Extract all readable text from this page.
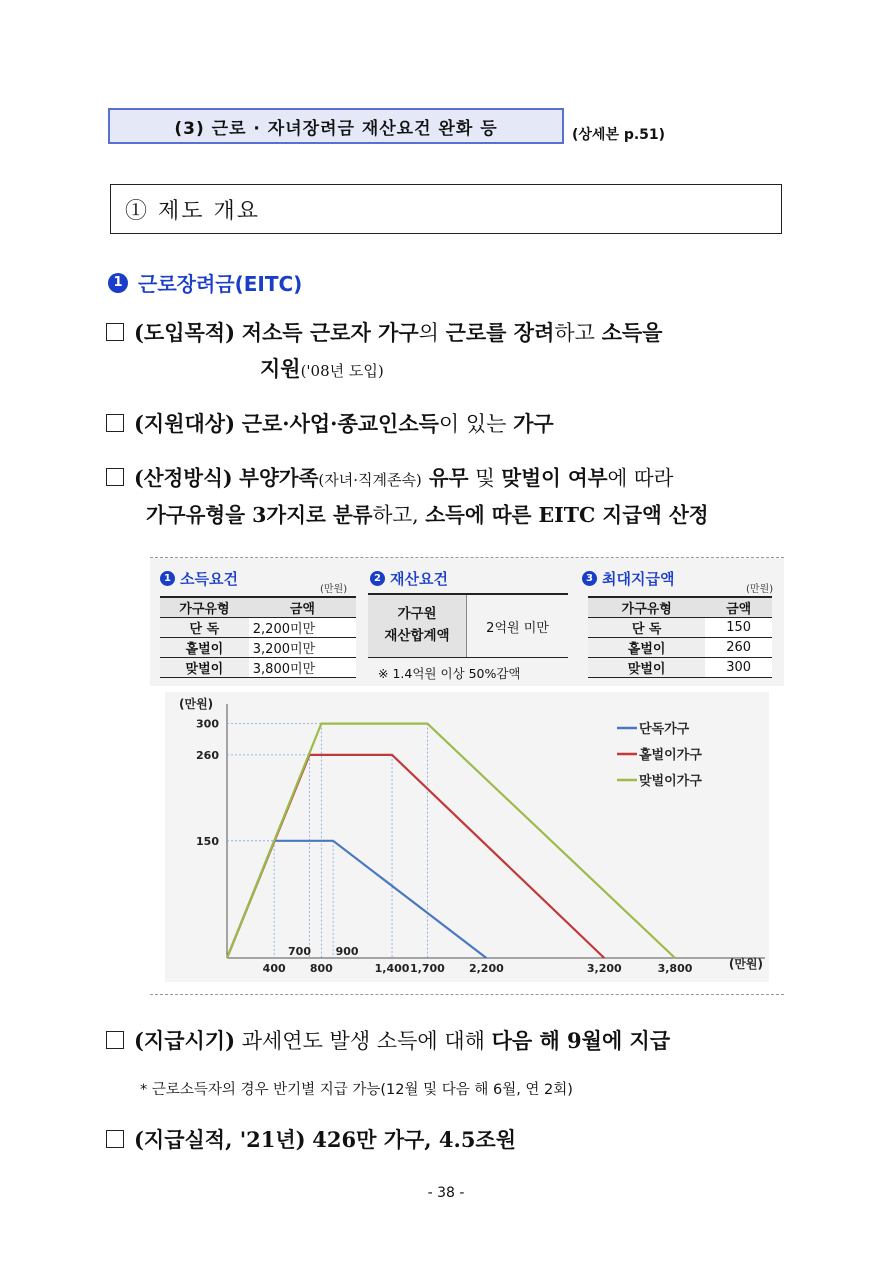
(3) 근로 · 자녀장려금 재산요건 완화 등	(상세본 p.51)
① 제도 개요
1 근로장려금(EITC)
(도입목적) 저소득 근로자 가구의 근로를 장려하고 소득을
지원('08년 도입)
(지원대상) 근로·사업·종교인소득이 있는 가구
(산정방식) 부양가족(자녀·직계존속) 유무 및 맞벌이 여부에 따라
가구유형을 3가지로 분류하고, 소득에 따른 EITC 지급액 산정
1 소득요건
(만원)
가구유형	금액
단 독	2,200미만
홑벌이	3,200미만
맞벌이	3,800미만
2 재산요건
가구원
재산합계액	2억원 미만
※ 1.4억원 이상 50%감액
3 최대지급액
(만원)
가구유형	금액
단 독	150
홑벌이	260
맞벌이	300
150
260
300
(만원)
400 800	1,400 1,700 2,200	3,200	3,800
700 900
(만원)
단독가구
홑벌이가구
맞벌이가구
(지급시기) 과세연도 발생 소득에 대해 다음 해 9월에 지급
* 근로소득자의 경우 반기별 지급 가능(12월 및 다음 해 6월, 연 2회)
(지급실적, '21년) 426만 가구, 4.5조원
- 38 -
